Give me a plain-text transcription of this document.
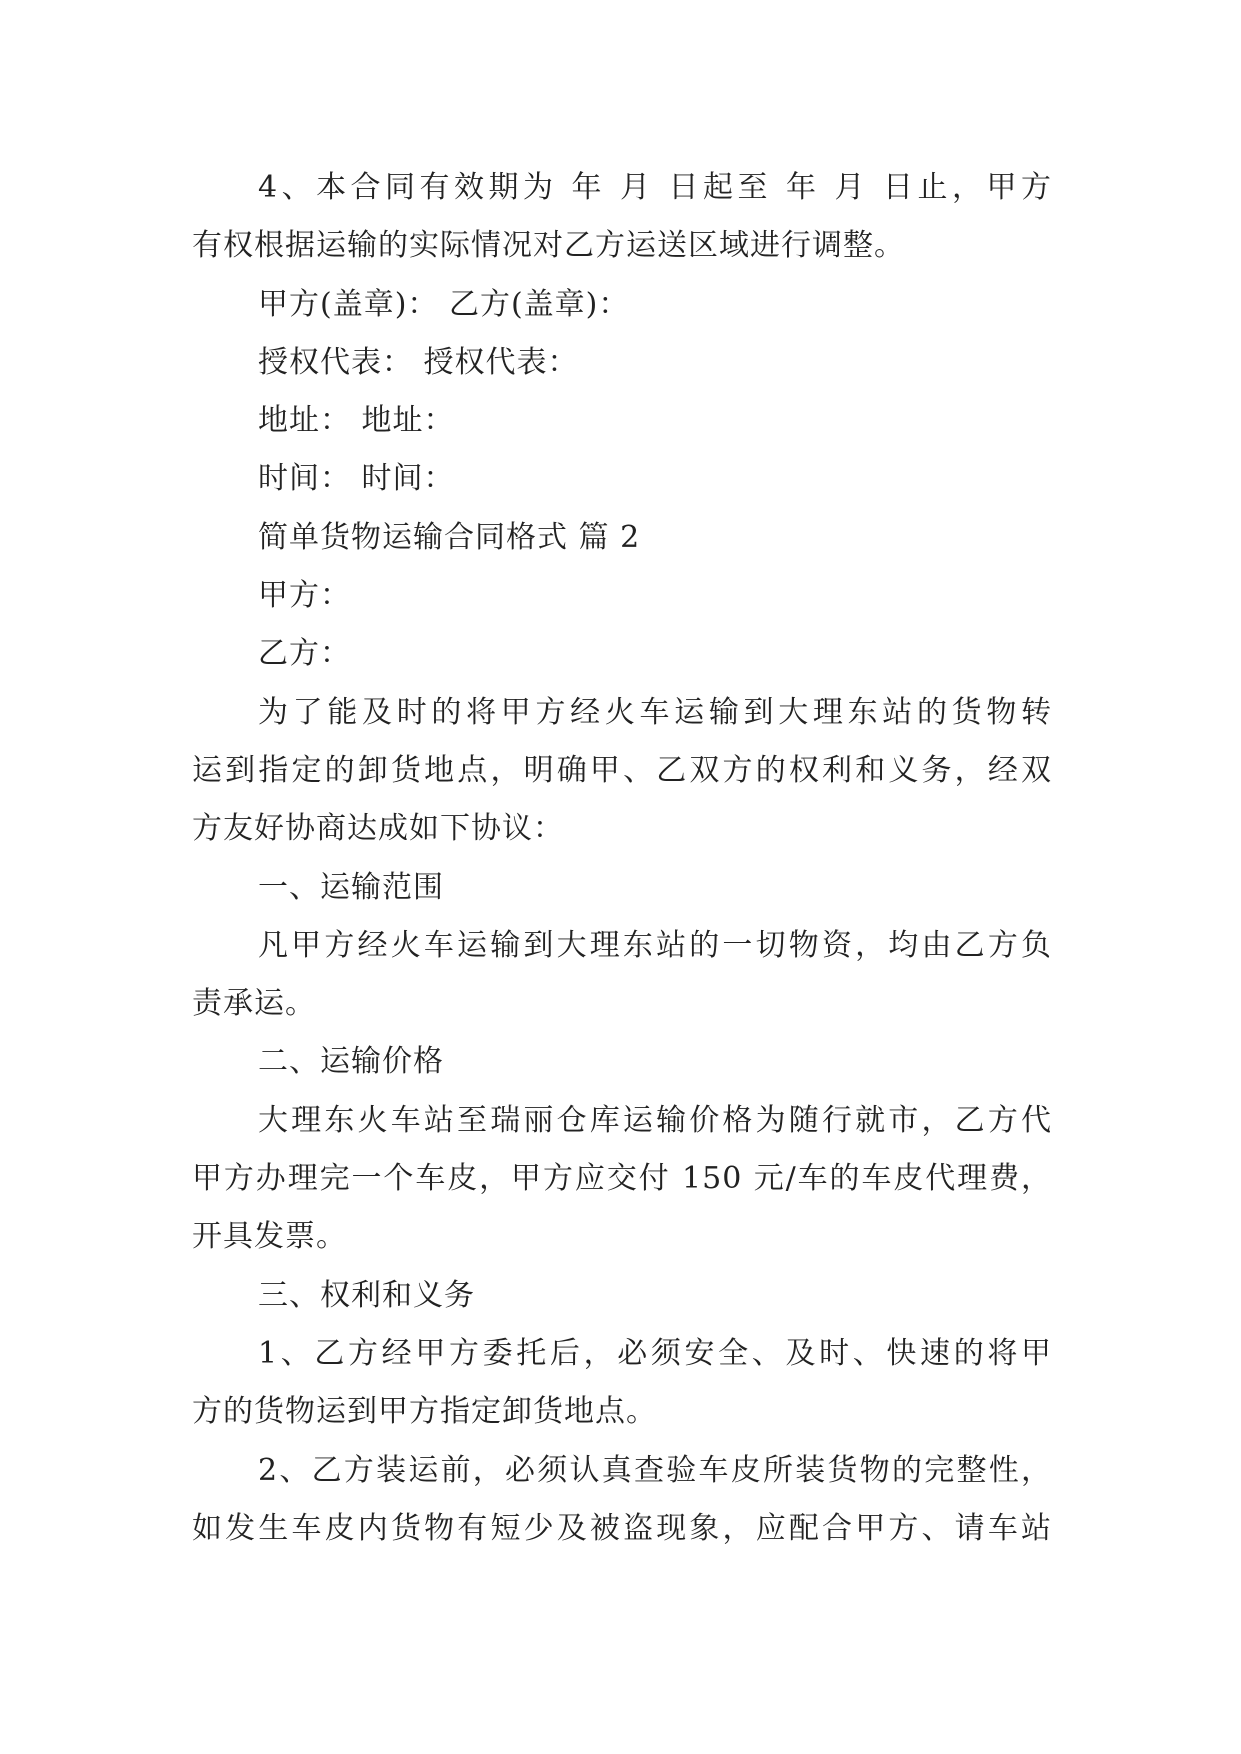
4、本合同有效期为 年 月 日起至 年 月 日止，甲方
有权根据运输的实际情况对乙方运送区域进行调整。
甲方(盖章)： 乙方(盖章)：
授权代表： 授权代表：
地址： 地址：
时间： 时间：
简单货物运输合同格式 篇 2
甲方：
乙方：
为了能及时的将甲方经火车运输到大理东站的货物转
运到指定的卸货地点，明确甲、乙双方的权利和义务，经双
方友好协商达成如下协议：
一、运输范围
凡甲方经火车运输到大理东站的一切物资，均由乙方负
责承运。
二、运输价格
大理东火车站至瑞丽仓库运输价格为随行就市，乙方代
甲方办理完一个车皮，甲方应交付 150 元/车的车皮代理费，
开具发票。
三、权利和义务
1、乙方经甲方委托后，必须安全、及时、快速的将甲
方的货物运到甲方指定卸货地点。
2、乙方装运前，必须认真查验车皮所装货物的完整性，
如发生车皮内货物有短少及被盗现象，应配合甲方、请车站
